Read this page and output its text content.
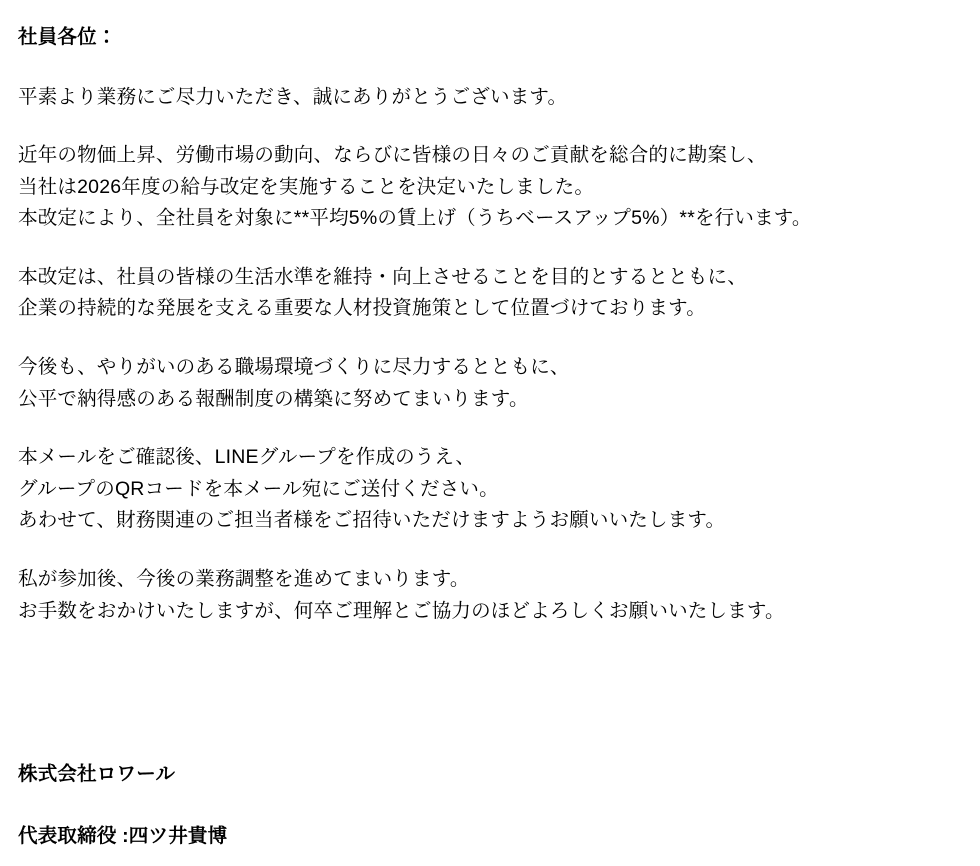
社員各位：
平素より業務にご尽力いただき、誠にありがとうございます。
近年の物価上昇、労働市場の動向、ならびに皆様の日々のご貢献を総合的に勘案し、
当社は2026年度の給与改定を実施することを決定いたしました。
本改定により、全社員を対象に**平均5%の賃上げ（うちベースアップ5%）**を行います。
本改定は、社員の皆様の生活水準を維持・向上させることを目的とするとともに、
企業の持続的な発展を支える重要な人材投資施策として位置づけております。
今後も、やりがいのある職場環境づくりに尽力するとともに、
公平で納得感のある報酬制度の構築に努めてまいります。
本メールをご確認後、LINEグループを作成のうえ、
グループのQRコードを本メール宛にご送付ください。
あわせて、財務関連のご担当者様をご招待いただけますようお願いいたします。
私が参加後、今後の業務調整を進めてまいります。
お手数をおかけいたしますが、何卒ご理解とご協力のほどよろしくお願いいたします。
株式会社ロワール
代表取締役 :四ツ井貴博
